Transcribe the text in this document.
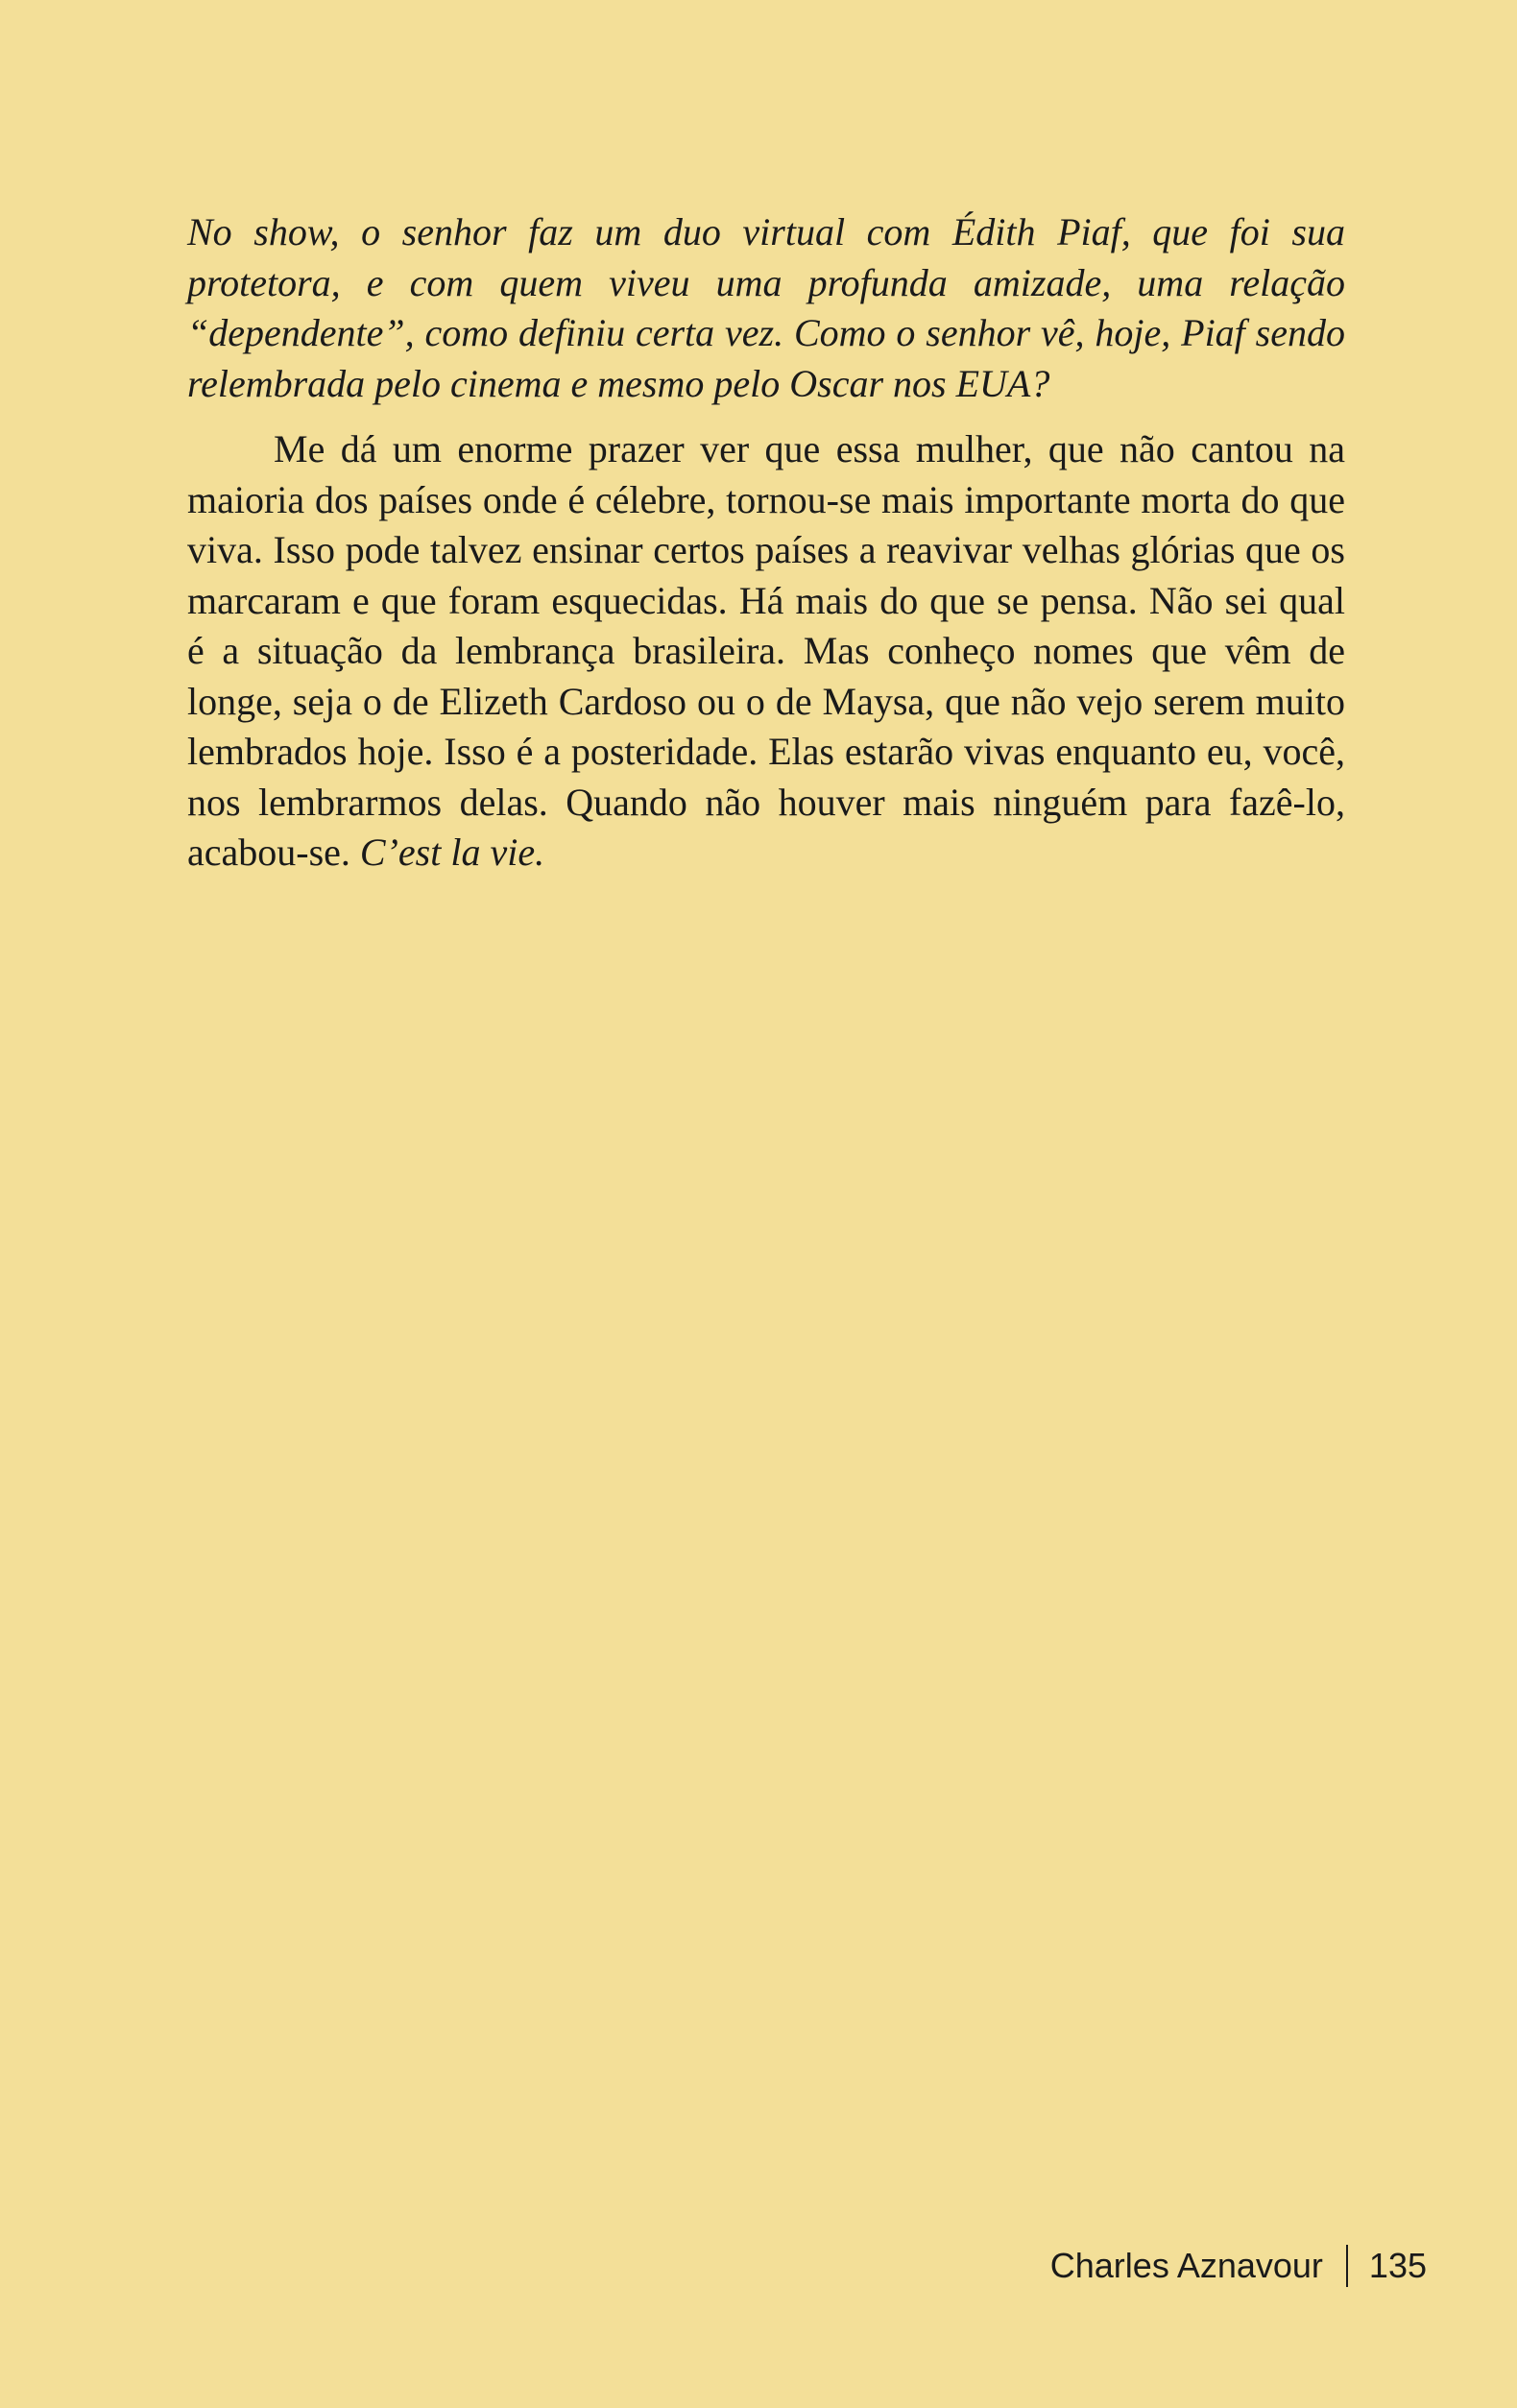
No show, o senhor faz um duo virtual com Édith Piaf, que foi sua protetora, e com quem viveu uma profunda amizade, uma relação “dependente”, como definiu certa vez. Como o senhor vê, hoje, Piaf sendo relembrada pelo cinema e mesmo pelo Oscar nos EUA?

Me dá um enorme prazer ver que essa mulher, que não cantou na maioria dos países onde é célebre, tornou-se mais importante morta do que viva. Isso pode talvez ensinar certos países a reavivar velhas glórias que os marcaram e que foram esquecidas. Há mais do que se pensa. Não sei qual é a situação da lembrança brasileira. Mas conheço nomes que vêm de longe, seja o de Elizeth Cardoso ou o de Maysa, que não vejo serem muito lembrados hoje. Isso é a posteridade. Elas estarão vivas enquanto eu, você, nos lembrarmos delas. Quando não houver mais ninguém para fazê-lo, acabou-se. C’est la vie.

Charles Aznavour 135
